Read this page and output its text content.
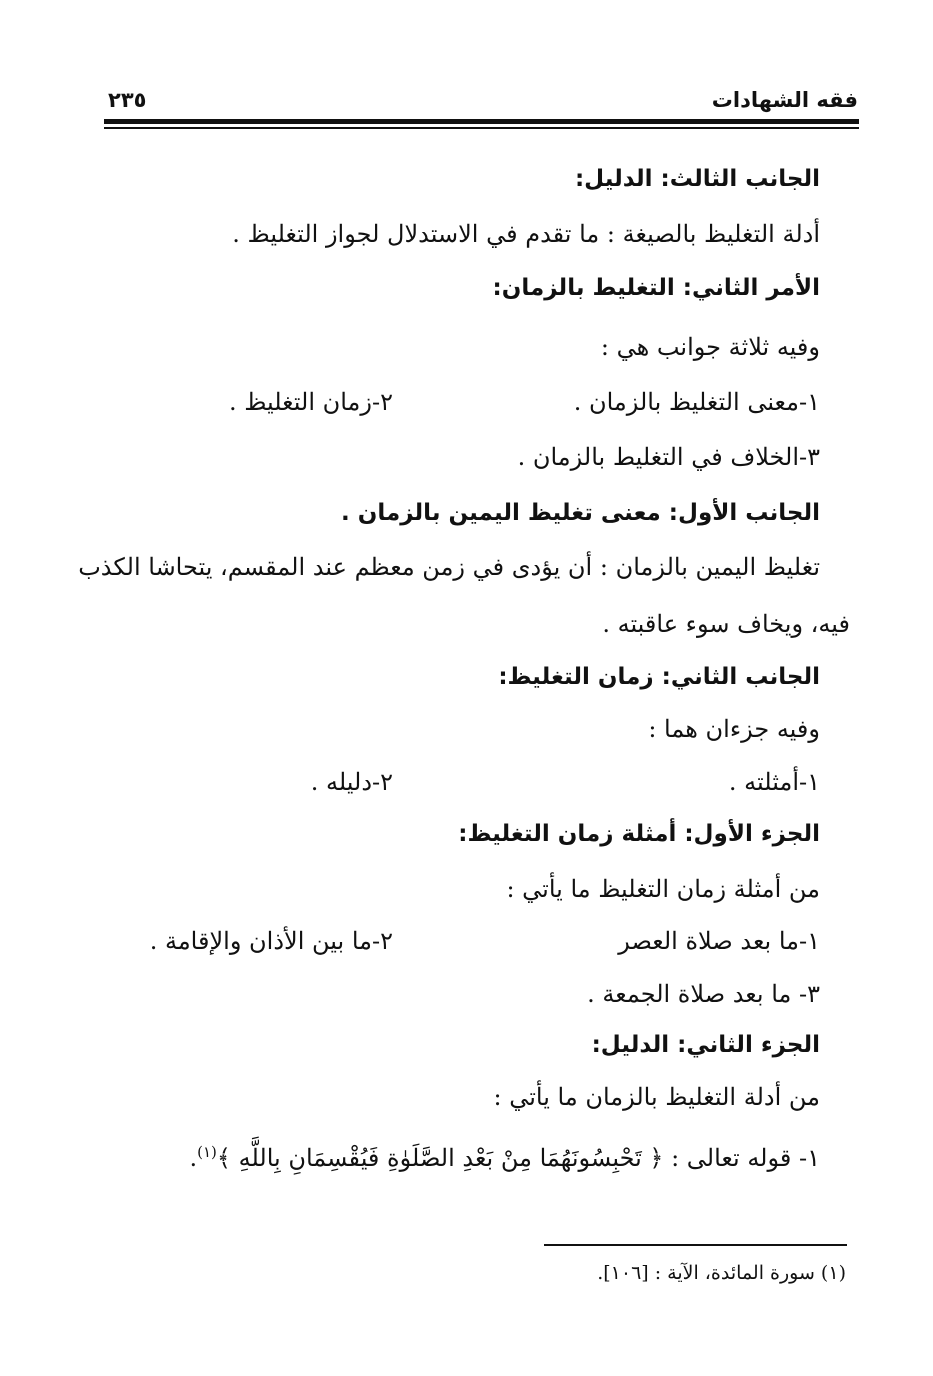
فقه الشهادات
٢٣٥
الجانب الثالث: الدليل:
أدلة التغليظ بالصيغة : ما تقدم في الاستدلال لجواز التغليظ .
الأمر الثاني: التغليط بالزمان:
وفيه ثلاثة جوانب هي :
١-معنى التغليظ بالزمان .
٢-زمان التغليظ .
٣-الخلاف في التغليط بالزمان .
الجانب الأول: معنى تغليظ اليمين بالزمان .
تغليظ اليمين بالزمان : أن يؤدى في زمن معظم عند المقسم، يتحاشا الكذب
فيه، ويخاف سوء عاقبته .
الجانب الثاني: زمان التغليظ:
وفيه جزءان هما :
١-أمثلته .
٢-دليله .
الجزء الأول: أمثلة زمان التغليظ:
من أمثلة زمان التغليظ ما يأتي :
١-ما بعد صلاة العصر
٢-ما بين الأذان والإقامة .
٣- ما بعد صلاة الجمعة .
الجزء الثاني: الدليل:
من أدلة التغليظ بالزمان ما يأتي :
١- قوله تعالى : ﴿ تَحْبِسُونَهُمَا مِنْ بَعْدِ الصَّلَوٰةِ فَيُقْسِمَانِ بِاللَّهِ ﴾$^{(١)}$.
(١) سورة المائدة، الآية : [١٠٦].
